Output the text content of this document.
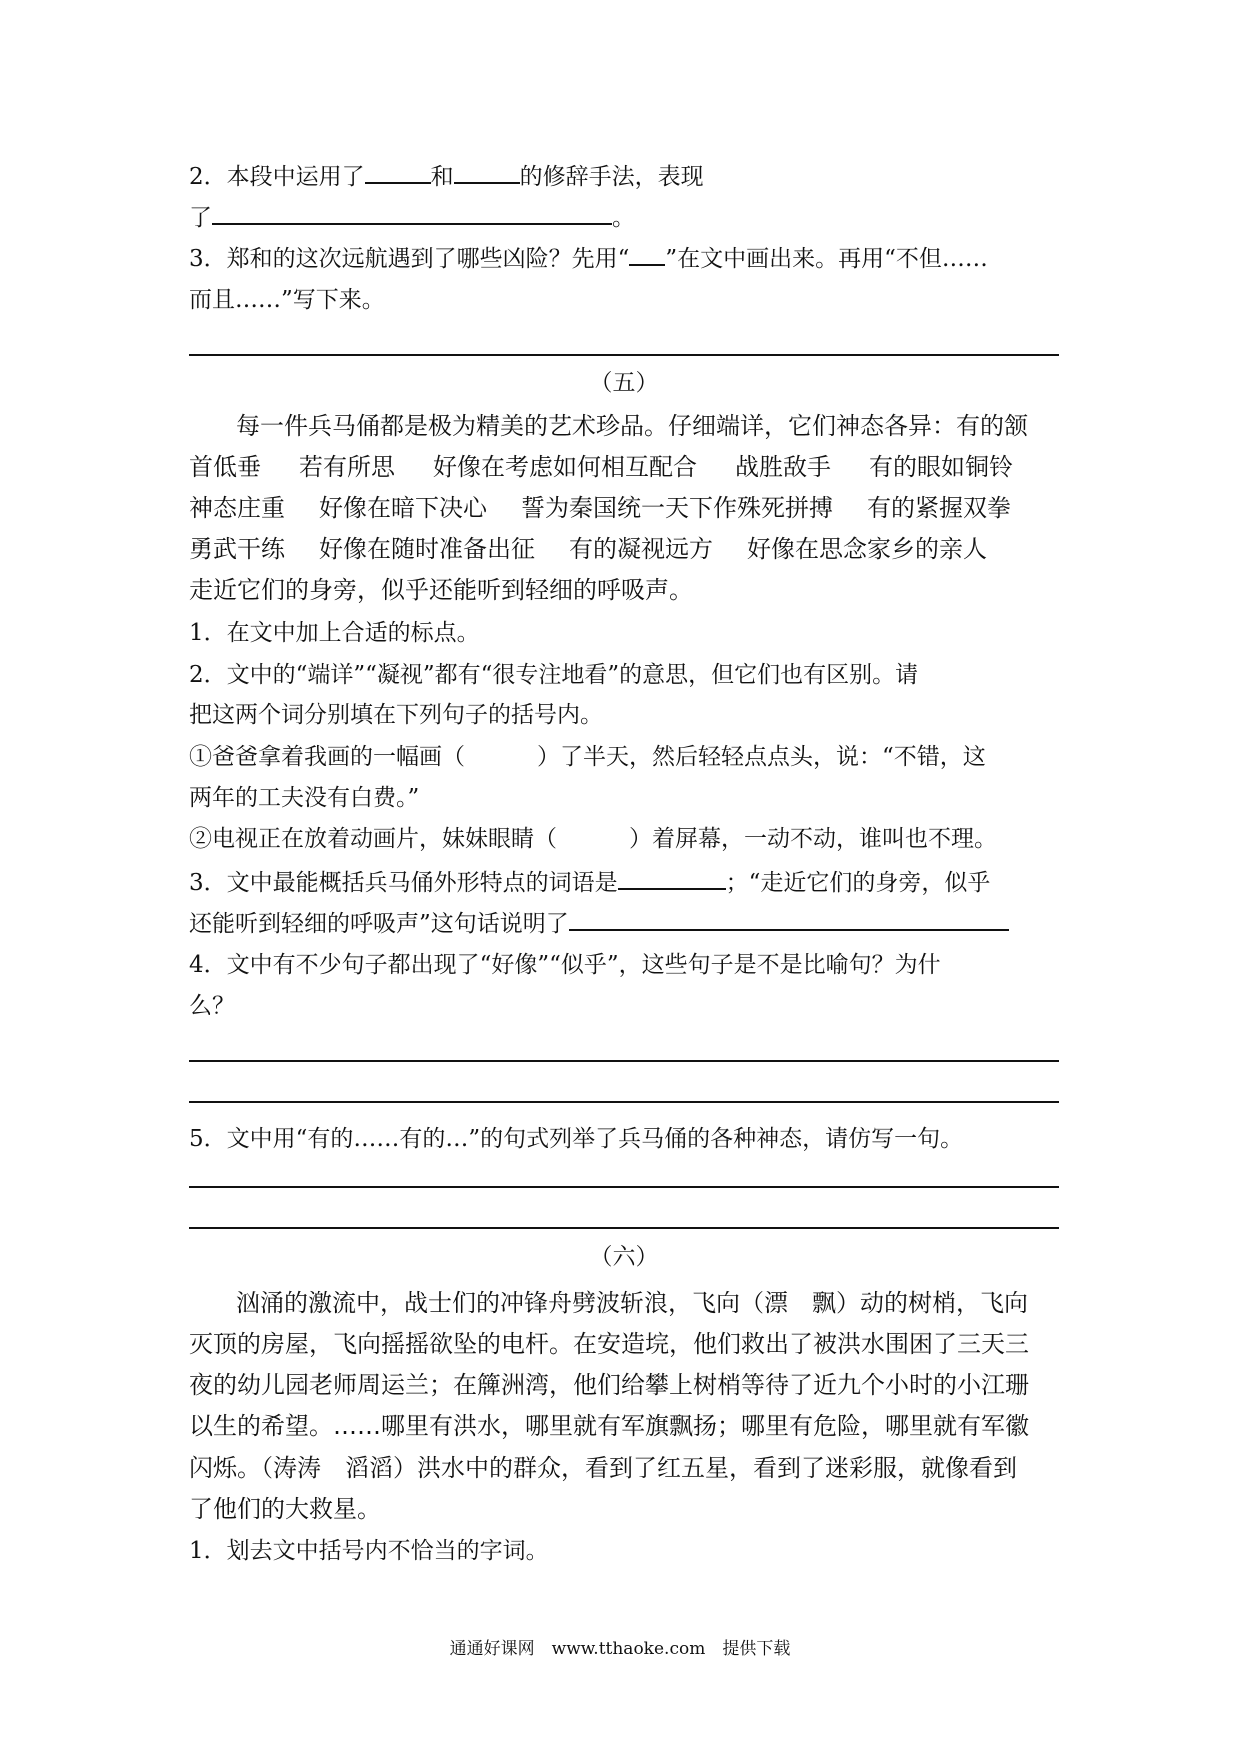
2．本段中运用了	和	的修辞手法，表现
了	。
3．郑和的这次远航遇到了哪些凶险？先用“ ”在文中画出来。再用“不但……
而且……”写下来。
（五）
每一件兵马俑都是极为精美的艺术珍品。仔细端详，它们神态各异：有的颔
首低垂 若有所思 好像在考虑如何相互配合 战胜敌手 有的眼如铜铃
神态庄重 好像在暗下决心 誓为秦国统一天下作殊死拼搏 有的紧握双拳
勇武干练 好像在随时准备出征 有的凝视远方 好像在思念家乡的亲人
走近它们的身旁，似乎还能听到轻细的呼吸声。
1．在文中加上合适的标点。
2．文中的“端详”“凝视”都有“很专注地看”的意思，但它们也有区别。请
把这两个词分别填在下列句子的括号内。
①爸爸拿着我画的一幅画（	）了半天，然后轻轻点点头，说：“不错，这
两年的工夫没有白费。”
②电视正在放着动画片，妹妹眼睛（	）着屏幕，一动不动，谁叫也不理。
3．文中最能概括兵马俑外形特点的词语是	；“走近它们的身旁，似乎
还能听到轻细的呼吸声”这句话说明了
4．文中有不少句子都出现了“好像”“似乎”，这些句子是不是比喻句？为什
么？
5．文中用“有的……有的…”的句式列举了兵马俑的各种神态，请仿写一句。
（六）
汹涌的激流中，战士们的冲锋舟劈波斩浪，飞向（漂　飘）动的树梢，飞向
灭顶的房屋，飞向摇摇欲坠的电杆。在安造垸，他们救出了被洪水围困了三天三
夜的幼儿园老师周运兰；在簰洲湾，他们给攀上树梢等待了近九个小时的小江珊
以生的希望。……哪里有洪水，哪里就有军旗飘扬；哪里有危险，哪里就有军徽
闪烁。（涛涛　滔滔）洪水中的群众，看到了红五星，看到了迷彩服，就像看到
了他们的大救星。
1．划去文中括号内不恰当的字词。
通通好课网　www.tthaoke.com　提供下载
